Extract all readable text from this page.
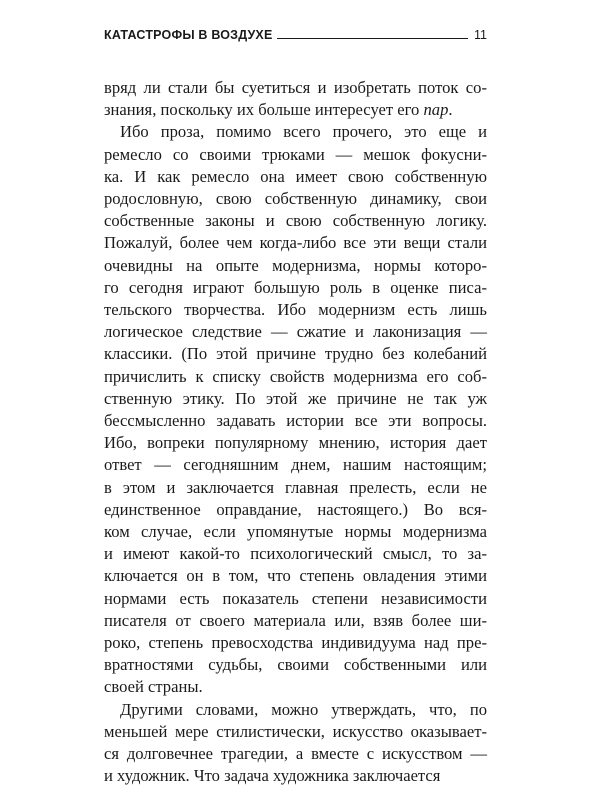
КАТАСТРОФЫ В ВОЗДУХЕ	11
вряд ли стали бы суетиться и изобретать поток со-
знания, поскольку их больше интересует его пар.
Ибо проза, помимо всего прочего, это еще и
ремесло со своими трюками — мешок фокусни-
ка. И как ремесло она имеет свою собственную
родословную, свою собственную динамику, свои
собственные законы и свою собственную логику.
Пожалуй, более чем когда-либо все эти вещи стали
очевидны на опыте модернизма, нормы которо-
го сегодня играют большую роль в оценке писа-
тельского творчества. Ибо модернизм есть лишь
логическое следствие — сжатие и лаконизация —
классики. (По этой причине трудно без колебаний
причислить к списку свойств модернизма его соб-
ственную этику. По этой же причине не так уж
бессмысленно задавать истории все эти вопросы.
Ибо, вопреки популярному мнению, история дает
ответ — сегодняшним днем, нашим настоящим;
в этом и заключается главная прелесть, если не
единственное оправдание, настоящего.) Во вся-
ком случае, если упомянутые нормы модернизма
и имеют какой-то психологический смысл, то за-
ключается он в том, что степень овладения этими
нормами есть показатель степени независимости
писателя от своего материала или, взяв более ши-
роко, степень превосходства индивидуума над пре-
вратностями судьбы, своими собственными или
своей страны.
Другими словами, можно утверждать, что, по
меньшей мере стилистически, искусство оказывает-
ся долговечнее трагедии, а вместе с искусством —
и художник. Что задача художника заключается
